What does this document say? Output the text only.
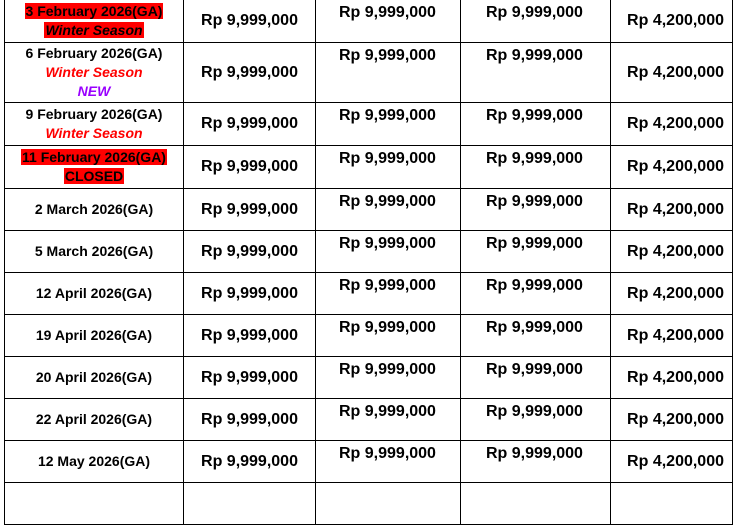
3 February 2026(GA)
Winter Season	Rp 9,999,000	Rp 9,999,000	Rp 9,999,000	Rp 4,200,000
6 February 2026(GA)
Winter Season
NEW	Rp 9,999,000	Rp 9,999,000	Rp 9,999,000	Rp 4,200,000
9 February 2026(GA)
Winter Season	Rp 9,999,000	Rp 9,999,000	Rp 9,999,000	Rp 4,200,000
11 February 2026(GA)
CLOSED	Rp 9,999,000	Rp 9,999,000	Rp 9,999,000	Rp 4,200,000
2 March 2026(GA)	Rp 9,999,000	Rp 9,999,000	Rp 9,999,000	Rp 4,200,000
5 March 2026(GA)	Rp 9,999,000	Rp 9,999,000	Rp 9,999,000	Rp 4,200,000
12 April 2026(GA)	Rp 9,999,000	Rp 9,999,000	Rp 9,999,000	Rp 4,200,000
19 April 2026(GA)	Rp 9,999,000	Rp 9,999,000	Rp 9,999,000	Rp 4,200,000
20 April 2026(GA)	Rp 9,999,000	Rp 9,999,000	Rp 9,999,000	Rp 4,200,000
22 April 2026(GA)	Rp 9,999,000	Rp 9,999,000	Rp 9,999,000	Rp 4,200,000
12 May 2026(GA)	Rp 9,999,000	Rp 9,999,000	Rp 9,999,000	Rp 4,200,000
